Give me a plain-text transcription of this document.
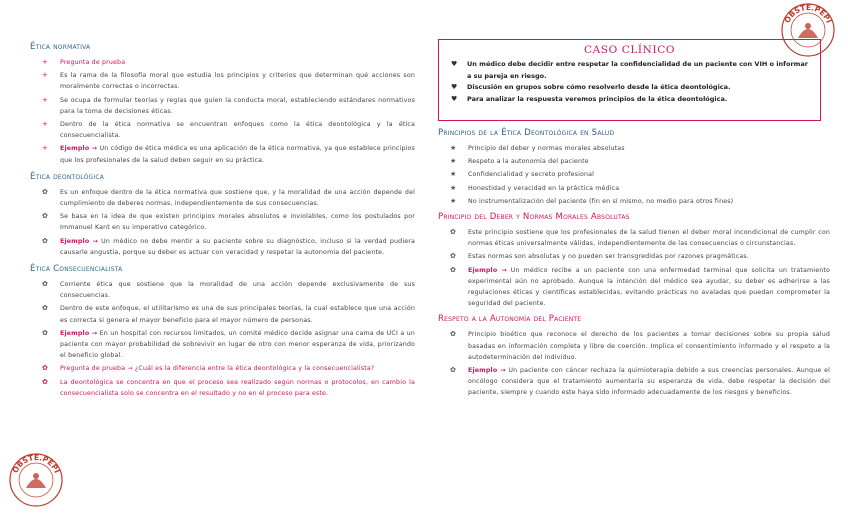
Ética normativa
+ Pregunta de prueba
+ Es la rama de la filosofía moral que estudia los principios y criterios que determinan qué acciones son moralmente correctas o incorrectas.
+ Se ocupa de formular teorías y reglas que guíen la conducta moral, estableciendo estándares normativos para la toma de decisiones éticas.
+ Dentro de la ética normativa se encuentran enfoques como la ética deontológica y la ética consecuencialista.
+ Ejemplo → Un código de ética médica es una aplicación de la ética normativa, ya que establece principios que los profesionales de la salud deben seguir en su práctica.
Ética deontológica
✿ Es un enfoque dentro de la ética normativa que sostiene que, y la moralidad de una acción depende del cumplimiento de deberes normas, independientemente de sus consecuencias.
✿ Se basa en la idea de que existen principios morales absolutos e inviolables, como los postulados por Immanuel Kant en su imperativo categórico.
✿ Ejemplo → Un médico no debe mentir a su paciente sobre su diagnóstico, incluso si la verdad pudiera causarle angustia, porque su deber es actuar con veracidad y respetar la autonomía del paciente.
Ética Consecuencialista
✿ Corriente ética que sostiene que la moralidad de una acción depende exclusivamente de sus consecuencias.
✿ Dentro de este enfoque, el utilitarismo es una de sus principales teorías, la cual establece que una acción es correcta si genera el mayor beneficio para el mayor número de personas.
✿ Ejemplo → En un hospital con recursos limitados, un comité médico decide asignar una cama de UCI a un paciente con mayor probabilidad de sobrevivir en lugar de otro con menor esperanza de vida, priorizando el beneficio global.
✿ Pregunta de prueba → ¿Cuál es la diferencia entre la ética deontológica y la consecuencialista?
✿ La deontológica se concentra en que el proceso sea realizado según normas o protocolos, en cambio la consecuencialista solo se concentra en el resultado y no en el proceso para este.
CASO CLÍNICO
♥ Un médico debe decidir entre respetar la confidencialidad de un paciente con VIH o informar a su pareja en riesgo.
♥ Discusión en grupos sobre cómo resolverlo desde la ética deontológica.
♥ Para analizar la respuesta veremos principios de la ética deontológica.
Principios de la Ética Deontológica en Salud
★ Principio del deber y normas morales absolutas
★ Respeto a la autonomía del paciente
★ Confidencialidad y secreto profesional
★ Honestidad y veracidad en la práctica médica
★ No instrumentalización del paciente (fin en sí mismo, no medio para otros fines)
Principio del Deber y Normas Morales Absolutas
✿ Este principio sostiene que los profesionales de la salud tienen el deber moral incondicional de cumplir con normas éticas universalmente válidas, independientemente de las consecuencias o circunstancias.
✿ Estas normas son absolutas y no pueden ser transgredidas por razones pragmáticas.
✿ Ejemplo → Un médico recibe a un paciente con una enfermedad terminal que solicita un tratamiento experimental aún no aprobado. Aunque la intención del médico sea ayudar, su deber es adherirse a las regulaciones éticas y científicas establecidas, evitando prácticas no avaladas que puedan comprometer la seguridad del paciente.
Respeto a la Autonomía del Paciente
✿ Principio bioético que reconoce el derecho de los pacientes a tomar decisiones sobre su propia salud basadas en información completa y libre de coerción. Implica el consentimiento informado y el respeto a la autodeterminación del individuo.
✿ Ejemplo → Un paciente con cáncer rechaza la quimioterapia debido a sus creencias personales. Aunque el oncólogo considera que el tratamiento aumentaría su esperanza de vida, debe respetar la decisión del paciente, siempre y cuando este haya sido informado adecuadamente de los riesgos y beneficios.
OBSTE.PEPI
OBSTE.PEPI
